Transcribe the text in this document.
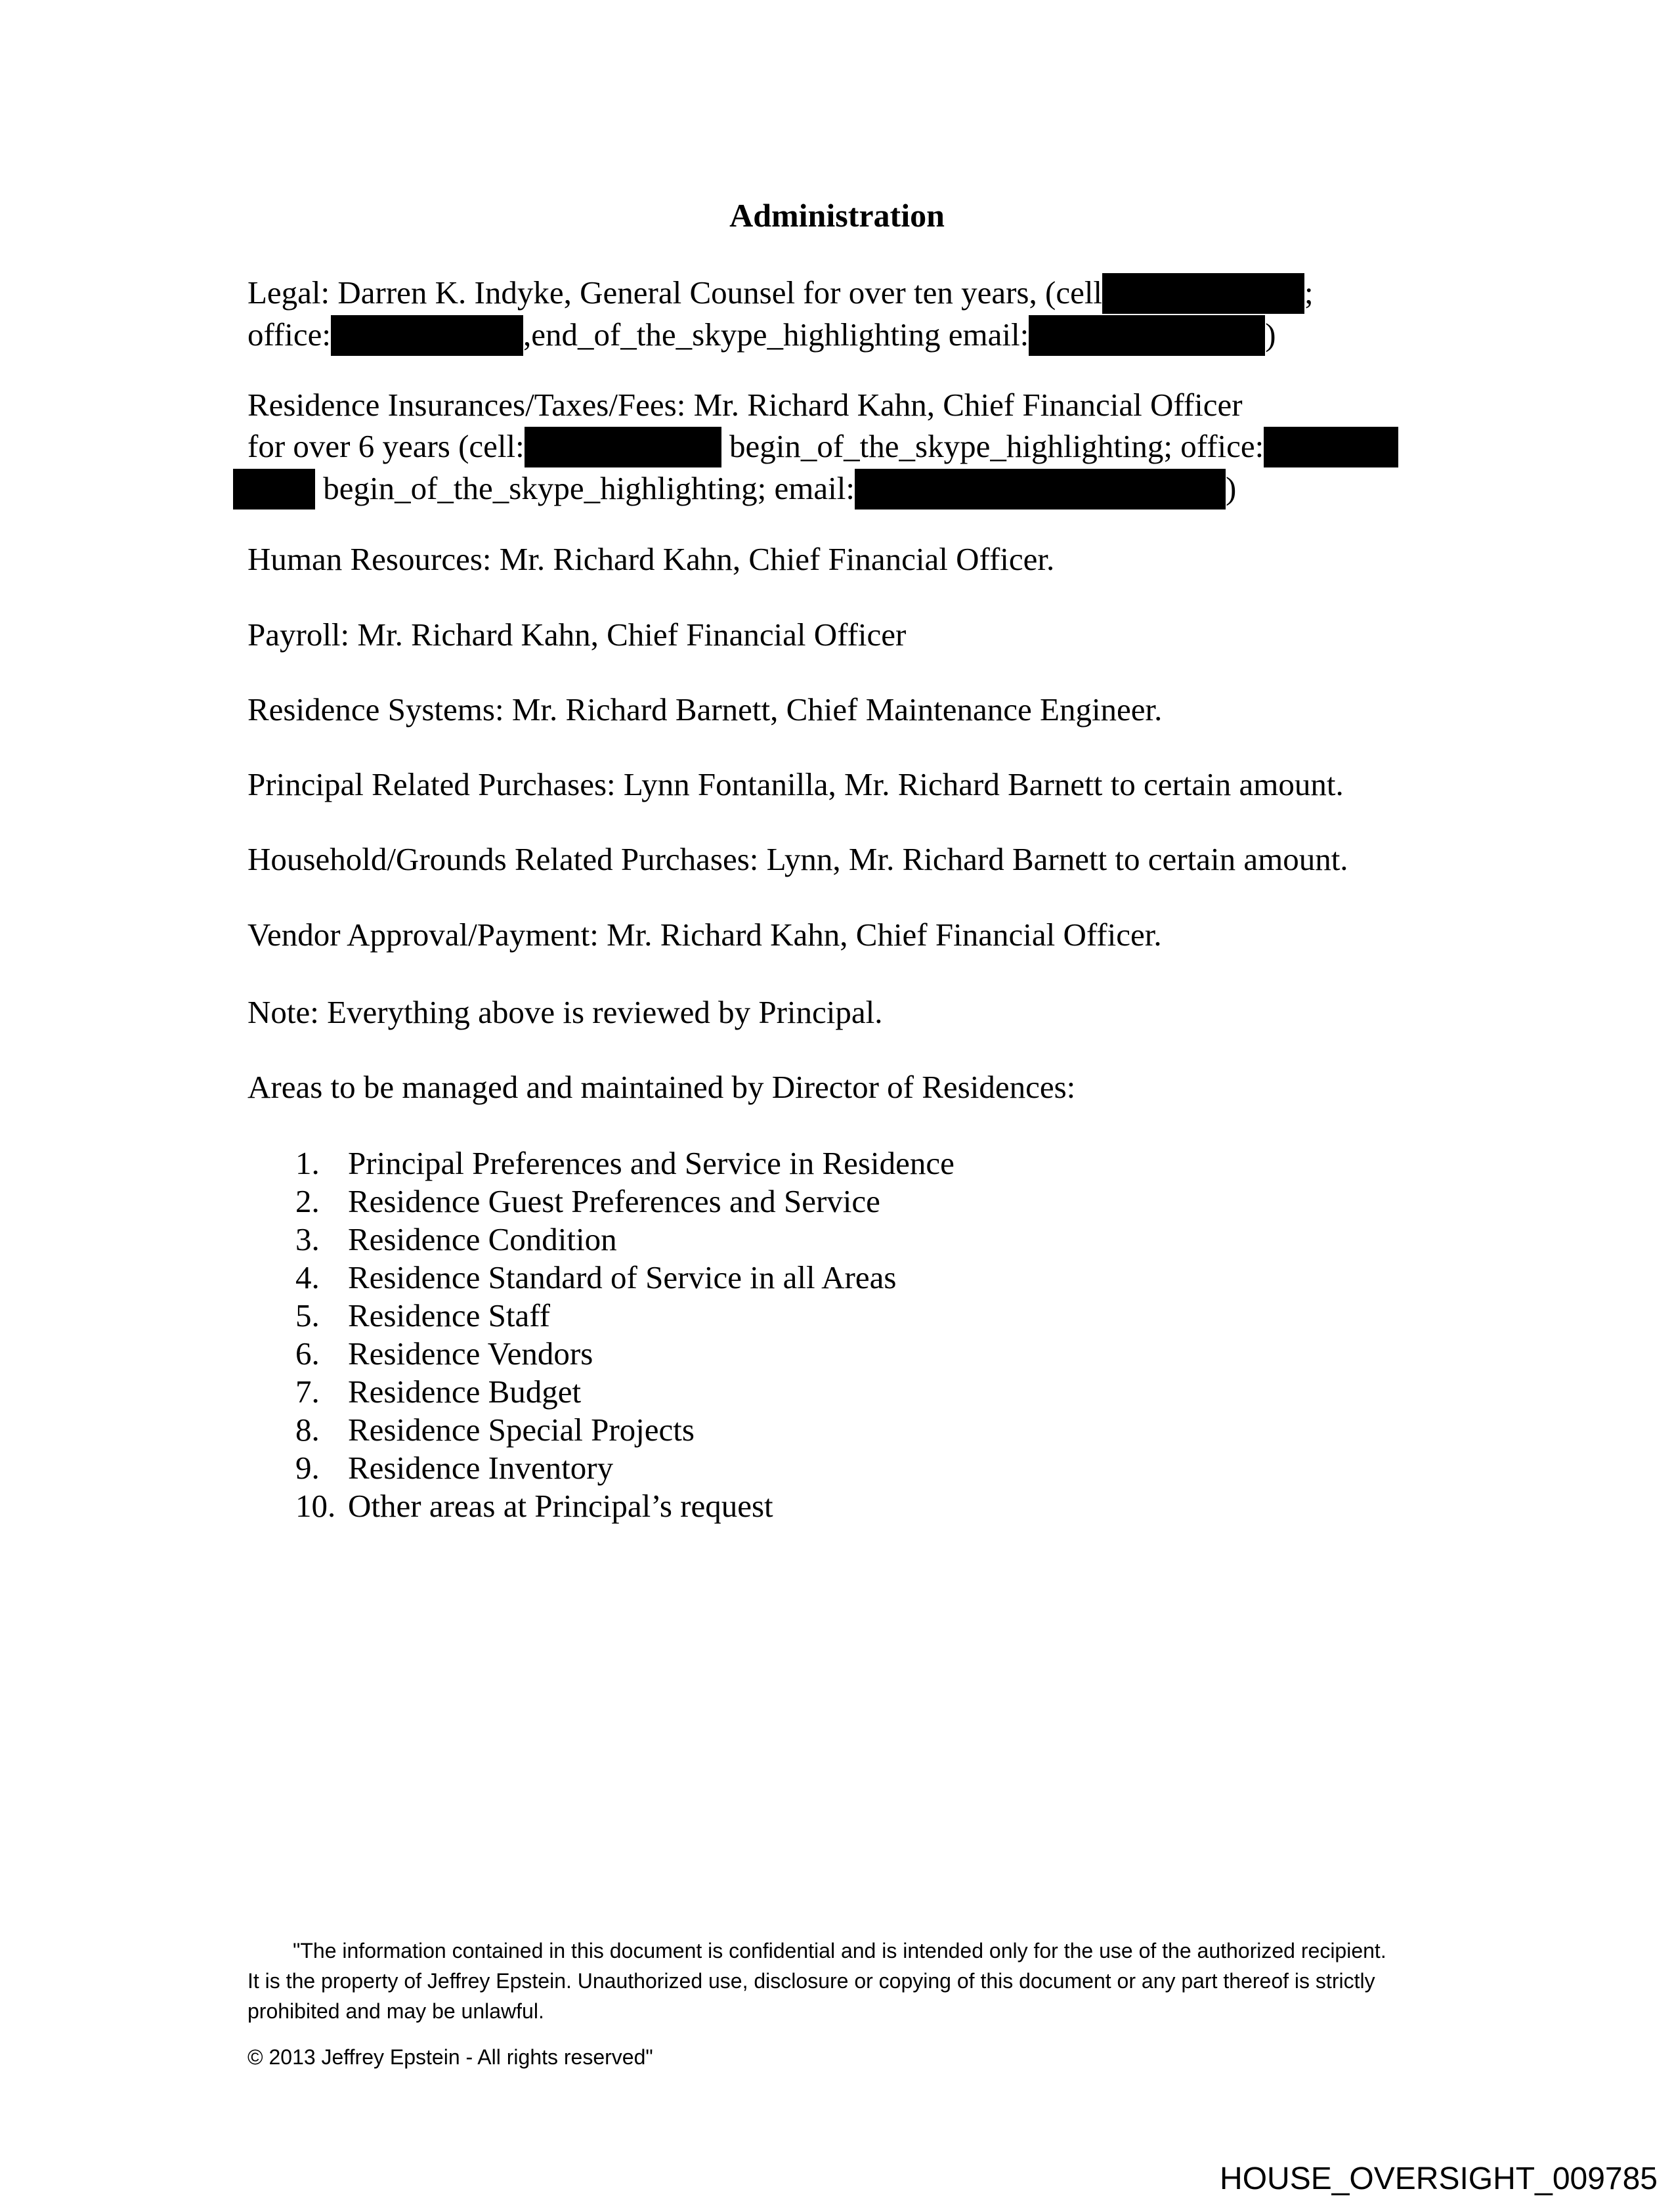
Administration
Legal: Darren K. Indyke, General Counsel for over ten years, (cell	;
office:	,end_of_the_skype_highlighting email:	)
Residence Insurances/Taxes/Fees: Mr. Richard Kahn, Chief Financial Officer
for over 6 years (cell:	begin_of_the_skype_highlighting; office:
begin_of_the_skype_highlighting; email:	)
Human Resources: Mr. Richard Kahn, Chief Financial Officer.
Payroll: Mr. Richard Kahn, Chief Financial Officer
Residence Systems: Mr. Richard Barnett, Chief Maintenance Engineer.
Principal Related Purchases: Lynn Fontanilla, Mr. Richard Barnett to certain amount.
Household/Grounds Related Purchases: Lynn, Mr. Richard Barnett to certain amount.
Vendor Approval/Payment: Mr. Richard Kahn, Chief Financial Officer.
Note: Everything above is reviewed by Principal.
Areas to be managed and maintained by Director of Residences:
1. Principal Preferences and Service in Residence
2. Residence Guest Preferences and Service
3. Residence Condition
4. Residence Standard of Service in all Areas
5. Residence Staff
6. Residence Vendors
7. Residence Budget
8. Residence Special Projects
9. Residence Inventory
10. Other areas at Principal’s request
"The information contained in this document is confidential and is intended only for the use of the authorized recipient.
It is the property of Jeffrey Epstein. Unauthorized use, disclosure or copying of this document or any part thereof is strictly
prohibited and may be unlawful.
© 2013 Jeffrey Epstein - All rights reserved"
HOUSE_OVERSIGHT_009785
